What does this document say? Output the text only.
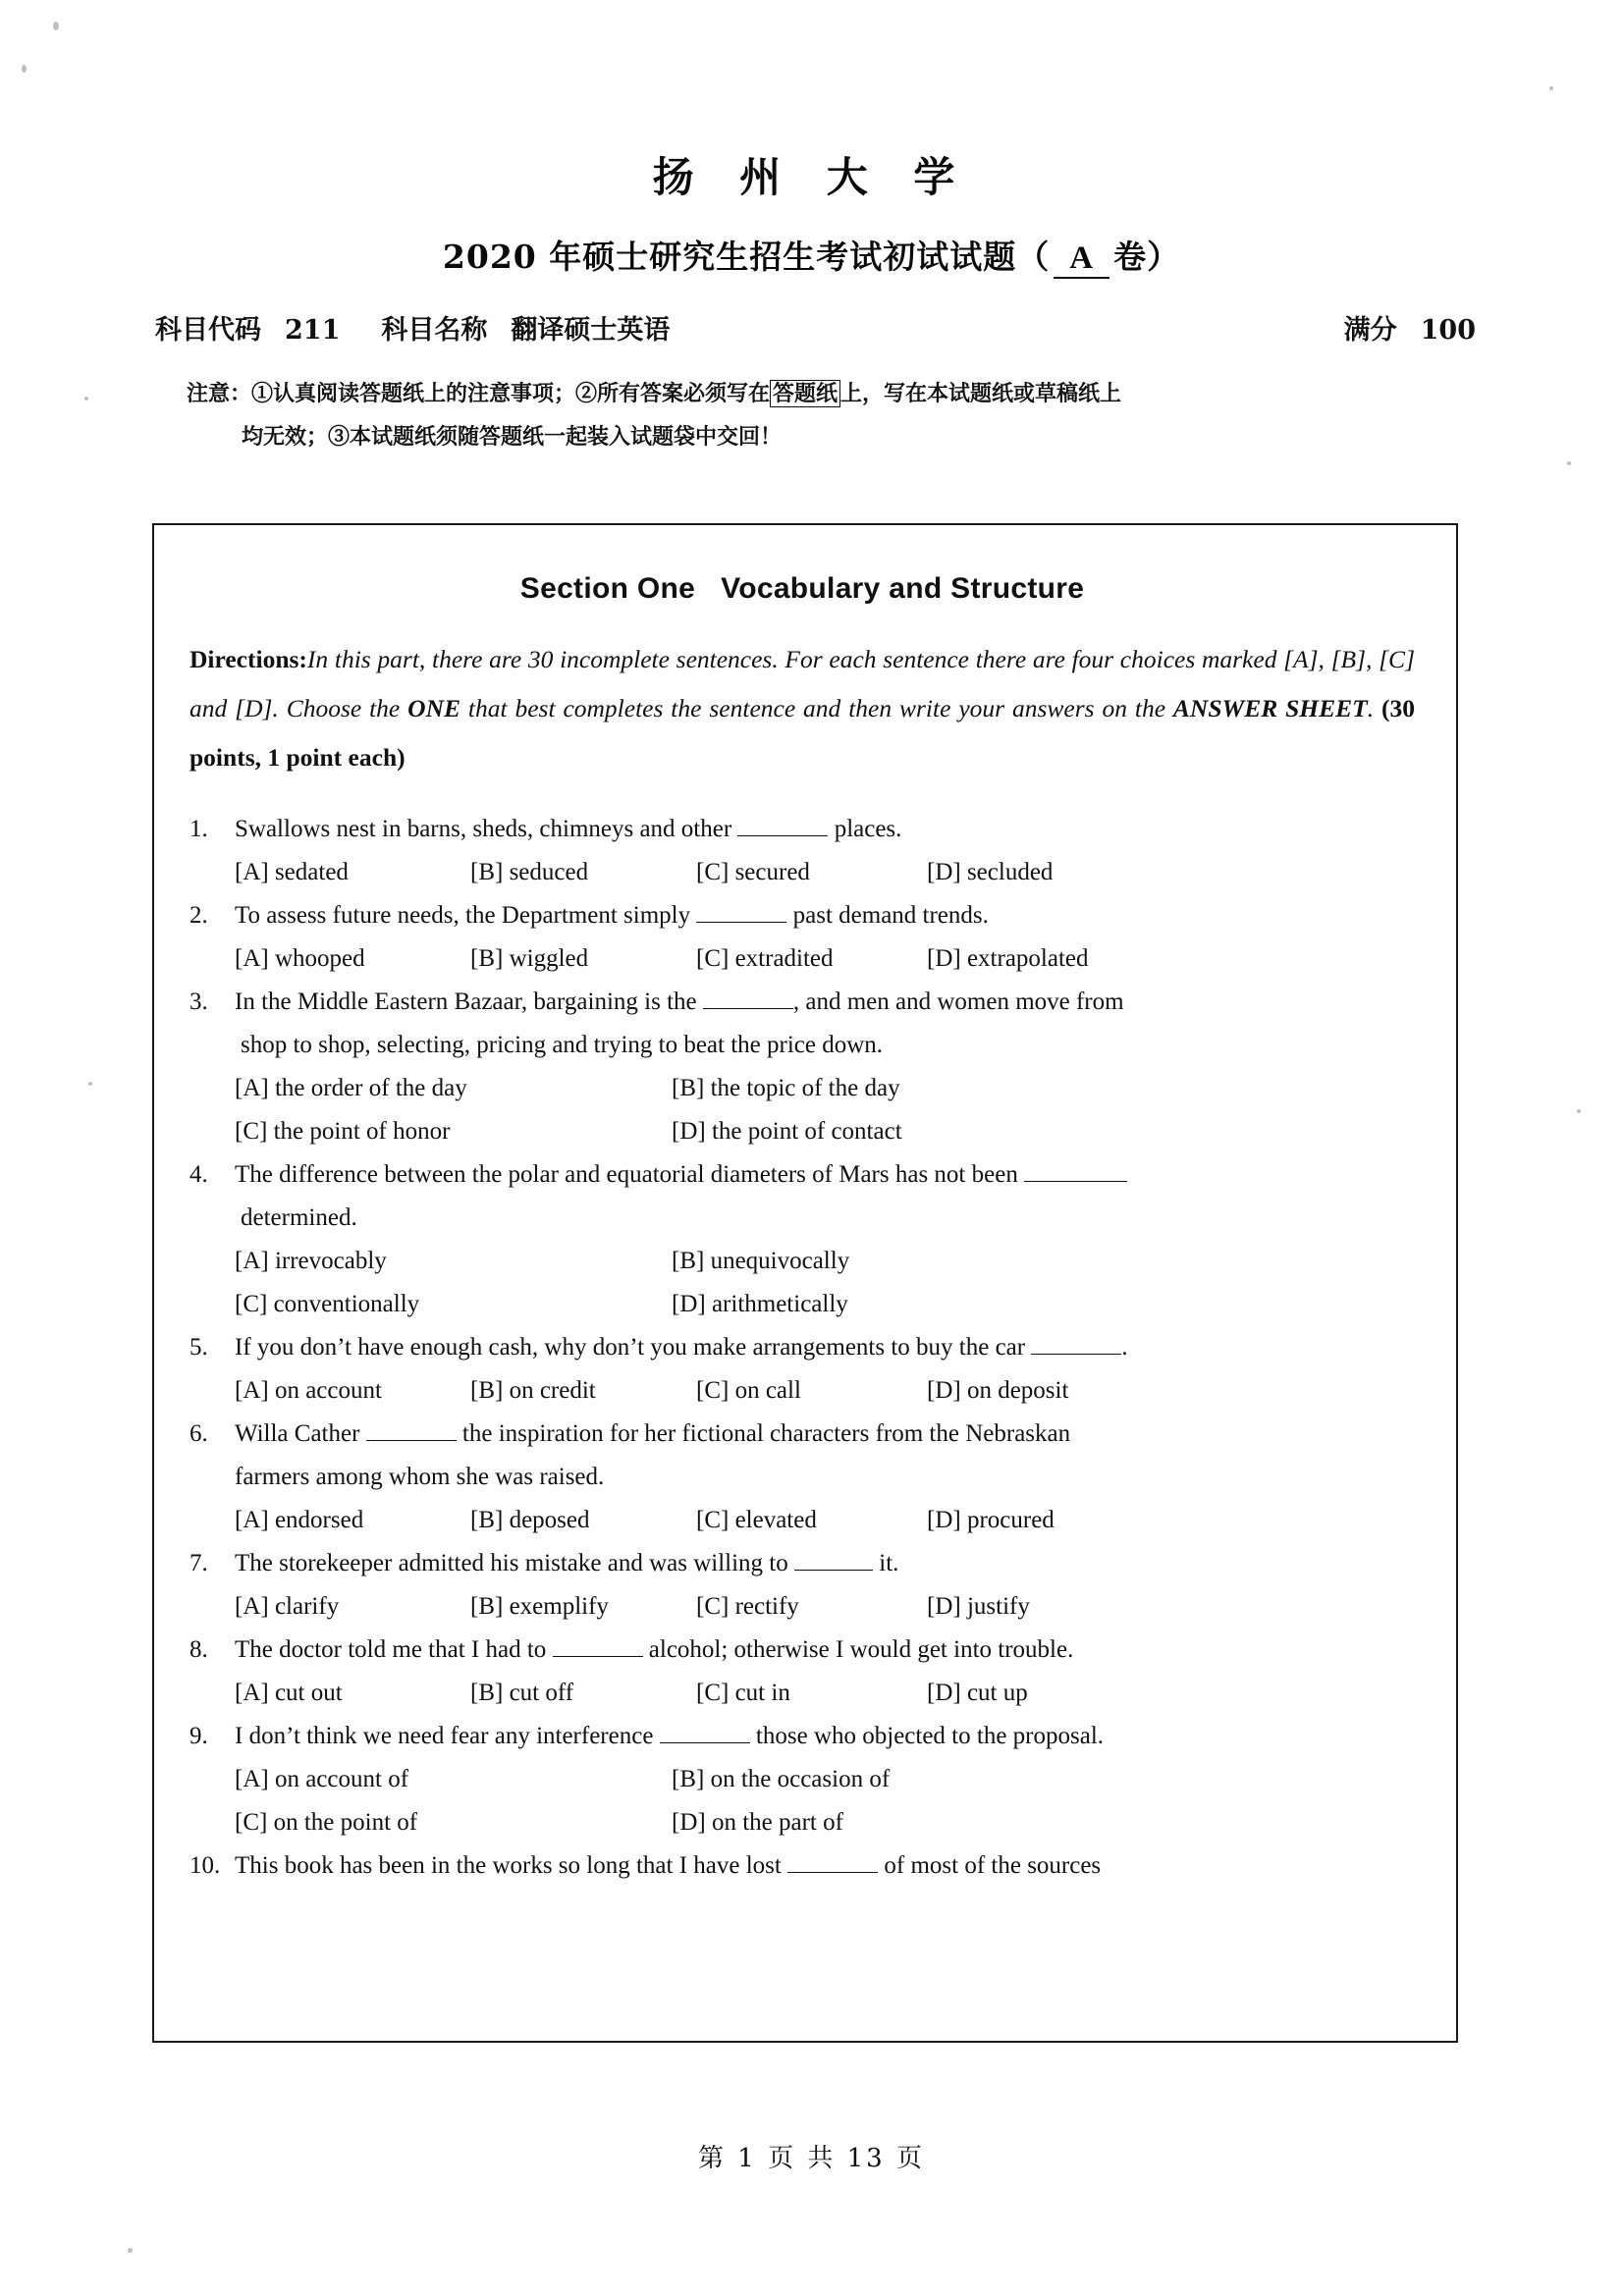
扬 州 大 学
2020 年硕士研究生招生考试初试试题（ A 卷）
科目代码 211 科目名称 翻译硕士英语	满分 100
注意：①认真阅读答题纸上的注意事项；②所有答案必须写在 答题纸 上，写在本试题纸或草稿纸上
均无效；③本试题纸须随答题纸一起装入试题袋中交回！
Section One Vocabulary and Structure

Directions:In this part, there are 30 incomplete sentences. For each sentence there are four choices marked [A], [B], [C] and [D]. Choose the ONE that best completes the sentence and then write your answers on the ANSWER SHEET. (30 points, 1 point each)

1.	Swallows nest in barns, sheds, chimneys and other	places.
[A] sedated	[B] seduced	[C] secured	[D] secluded
2.	To assess future needs, the Department simply	past demand trends.
[A] whooped	[B] wiggled	[C] extradited	[D] extrapolated
3.	In the Middle Eastern Bazaar, bargaining is the	, and men and women move from
shop to shop, selecting, pricing and trying to beat the price down.
[A] the order of the day	[B] the topic of the day
[C] the point of honor	[D] the point of contact
4.	The difference between the polar and equatorial diameters of Mars has not been
determined.
[A] irrevocably	[B] unequivocally
[C] conventionally	[D] arithmetically
5.	If you don’t have enough cash, why don’t you make arrangements to buy the car	.
[A] on account	[B] on credit	[C] on call	[D] on deposit
6.	Willa Cather	the inspiration for her fictional characters from the Nebraskan
farmers among whom she was raised.
[A] endorsed	[B] deposed	[C] elevated	[D] procured
7.	The storekeeper admitted his mistake and was willing to	it.
[A] clarify	[B] exemplify	[C] rectify	[D] justify
8.	The doctor told me that I had to	alcohol; otherwise I would get into trouble.
[A] cut out	[B] cut off	[C] cut in	[D] cut up
9.	I don’t think we need fear any interference	those who objected to the proposal.
[A] on account of	[B] on the occasion of
[C] on the point of	[D] on the part of
10. This book has been in the works so long that I have lost	of most of the sources
第 1 页 共 13 页
